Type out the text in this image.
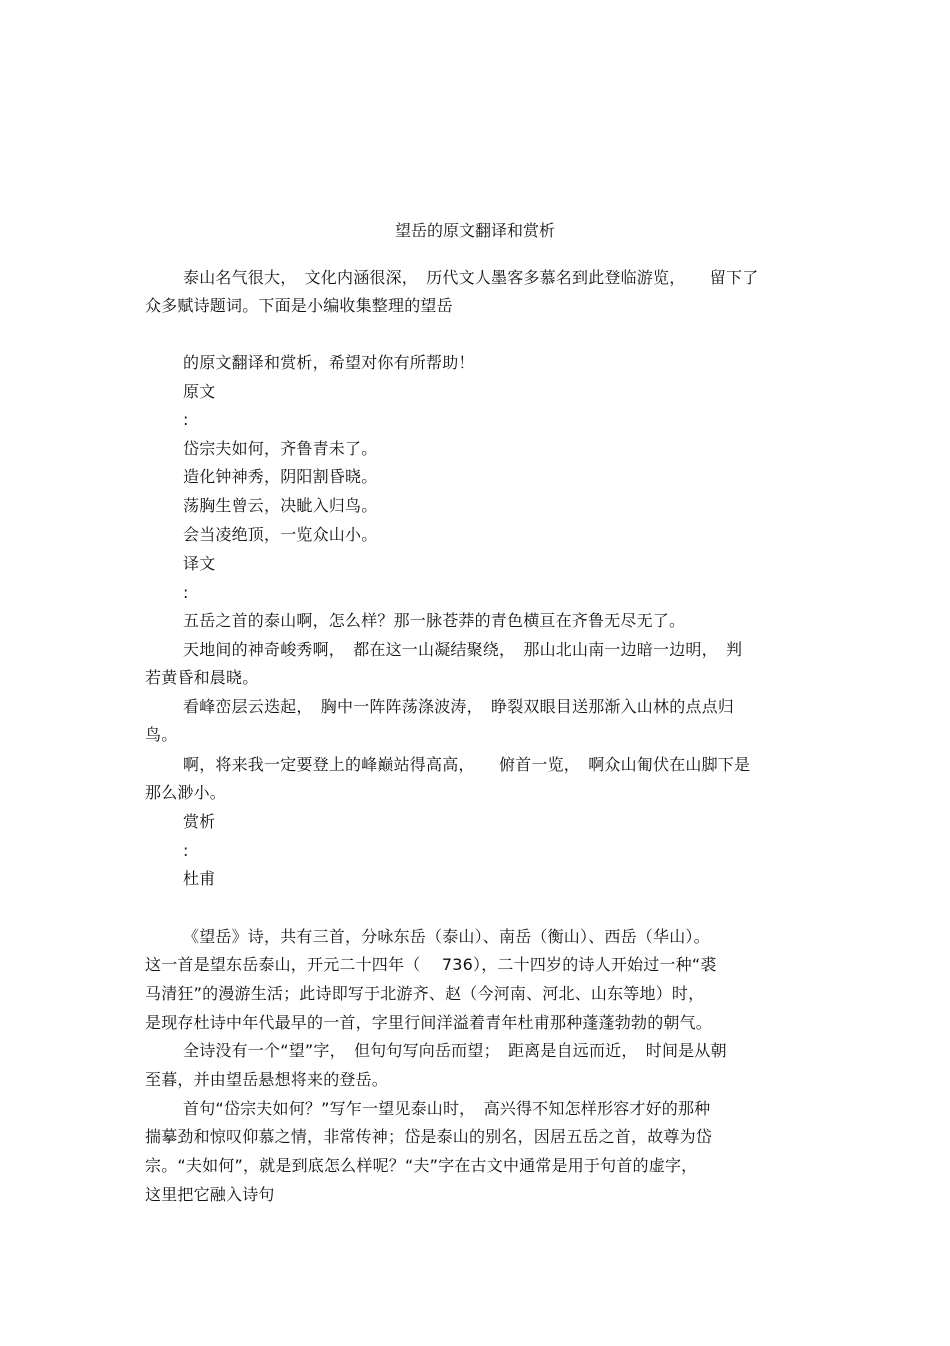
望岳的原文翻译和赏析
泰山名气很大，　文化内涵很深，　历代文人墨客多慕名到此登临游览，　　留下了
众多赋诗题词。下面是小编收集整理的望岳
的原文翻译和赏析，希望对你有所帮助！
原文
:
岱宗夫如何，齐鲁青未了。
造化钟神秀，阴阳割昏晓。
荡胸生曾云，决眦入归鸟。
会当凌绝顶，一览众山小。
译文
:
五岳之首的泰山啊，怎么样？那一脉苍莽的青色横亘在齐鲁无尽无了。
天地间的神奇峻秀啊，　都在这一山凝结聚绕，　那山北山南一边暗一边明，　判
若黄昏和晨晓。
看峰峦层云迭起，　胸中一阵阵荡涤波涛，　睁裂双眼目送那渐入山林的点点归
鸟。
啊，将来我一定要登上的峰巅站得高高，　　俯首一览，　啊众山匍伏在山脚下是
那么渺小。
赏析
:
杜甫
《望岳》诗，共有三首，分咏东岳（泰山）、南岳（衡山）、西岳（华山）。
这一首是望东岳泰山，开元二十四年（　 736），二十四岁的诗人开始过一种“裘
马清狂”的漫游生活；此诗即写于北游齐、赵（今河南、河北、山东等地）时，
是现存杜诗中年代最早的一首，字里行间洋溢着青年杜甫那种蓬蓬勃勃的朝气。
全诗没有一个“望”字，　但句句写向岳而望；　距离是自远而近，　时间是从朝
至暮，并由望岳悬想将来的登岳。
首句“岱宗夫如何？”写乍一望见泰山时，　高兴得不知怎样形容才好的那种
揣摹劲和惊叹仰慕之情，非常传神；岱是泰山的别名，因居五岳之首，故尊为岱
宗。“夫如何”，就是到底怎么样呢？“夫”字在古文中通常是用于句首的虚字，
这里把它融入诗句
